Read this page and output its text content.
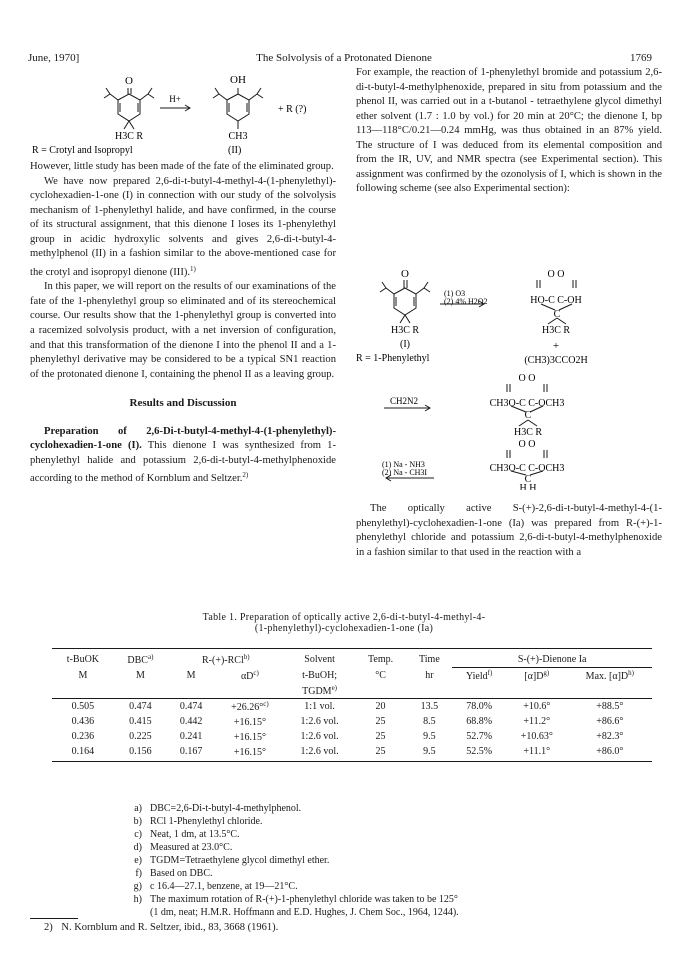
June, 1970]	The Solvolysis of a Protonated Dienone	1769
O	OH
H+
+ R (?)
H3C R	CH3
R = Crotyl and Isopropyl	(II)

However, little study has been made of the fate of the eliminated group.

We have now prepared 2,6-di-t-butyl-4-methyl-4-(1-phenylethyl)-cyclohexadien-1-one (I) in connection with our study of the solvolysis mechanism of 1-phenylethyl halide, and have confirmed, in the course of its structural assignment, that this dienone I loses its 1-phenylethyl group in acidic hydroxylic solvents and gives 2,6-di-t-butyl-4-methylphenol (II) in a fashion similar to the above-mentioned case for the crotyl and isopropyl dienone (III).$^{1)}$

In this paper, we will report on the results of our examinations of the fate of the 1-phenylethyl group so eliminated and of its stereochemical course. Our results show that the 1-phenylethyl group is converted into a racemized solvolysis product, with a net inversion of configuration, and that this transformation of the dienone I into the phenol II and a 1-phenylethyl derivative may be considered to be a typical SN1 reaction of the protonated dienone I, containing the phenol II as a leaving group.

Results and Discussion

Preparation of 2,6-Di-t-butyl-4-methyl-4-(1-phenylethyl)-cyclohexadien-1-one (I). This dienone I was synthesized from 1-phenylethyl halide and potassium 2,6-di-t-butyl-4-methylphenoxide according to the method of Kornblum and Seltzer.$^{2)}$

For example, the reaction of 1-phenylethyl bromide and potassium 2,6-di-t-butyl-4-methylphenoxide, prepared in situ from potassium and the phenol II, was carried out in a t-butanol - tetraethylene glycol dimethyl ether solvent (1.7 : 1.0 by vol.) for 20 min at 20°C; the dienone I, bp 113—118°C/0.21—0.24 mmHg, was thus obtained in an 87% yield. The structure of I was deduced from its elemental composition and from the IR, UV, and NMR spectra (see Experimental section). This assignment was confirmed by the ozonolysis of I, which is shown in the following scheme (see also Experimental section):

O
(1) O3
(2) 4% H2O2
O O
HO-C C-OH
C
H3C R
H3C R
+
(CH3)3CCO2H
(I)
R = 1-Phenylethyl
CH2N2
O O
CH3O-C C-OCH3
C
H3C R
(1) Na - NH3
(2) Na - CH3I
O O
CH3O-C C-OCH3
C
H H

The optically active S-(+)-2,6-di-t-butyl-4-methyl-4-(1-phenylethyl)-cyclohexadien-1-one (Ia) was prepared from R-(+)-1-phenylethyl chloride and potassium 2,6-di-t-butyl-4-methylphenoxide in a fashion similar to that used in the reaction with a

Table 1. Preparation of optically active 2,6-di-t-butyl-4-methyl-4-
(1-phenylethyl)-cyclohexadien-1-one (Ia)
t-BuOK	DBC$^{a)}$	R-(+)-RCl$^{b)}$		Solvent	Temp.	Time	S-(+)-Dienone Ia		
M	M	M	$\alpha D^{c)}$	t-BuOH;	°C	hr	Yield$^{f)}$	$[\alpha]D^{g)}$	Max. $[\alpha]D^{h)}$
				TGDM$^{e)}$					
0.505	0.474	0.474	+26.26°$^{c)}$	1:1 vol.	20	13.5	78.0%	+10.6°	+88.5°
0.436	0.415	0.442	+16.15°	1:2.6 vol.	25	8.5	68.8%	+11.2°	+86.6°
0.236	0.225	0.241	+16.15°	1:2.6 vol.	25	9.5	52.7%	+10.63°	+82.3°
0.164	0.156	0.167	+16.15°	1:2.6 vol.	25	9.5	52.5%	+11.1°	+86.0°
a) DBC=2,6-Di-t-butyl-4-methylphenol.
b) RCl 1-Phenylethyl chloride.
c) Neat, 1 dm, at 13.5°C.
d) Measured at 23.0°C.
e) TGDM=Tetraethylene glycol dimethyl ether.
f) Based on DBC.
g) c 16.4—27.1, benzene, at 19—21°C.
h) The maximum rotation of R-(+)-1-phenylethyl chloride was taken to be 125°
(1 dm, neat; H.M.R. Hoffmann and E.D. Hughes, J. Chem Soc., 1964, 1244).
2) N. Kornblum and R. Seltzer, ibid., 83, 3668 (1961).
